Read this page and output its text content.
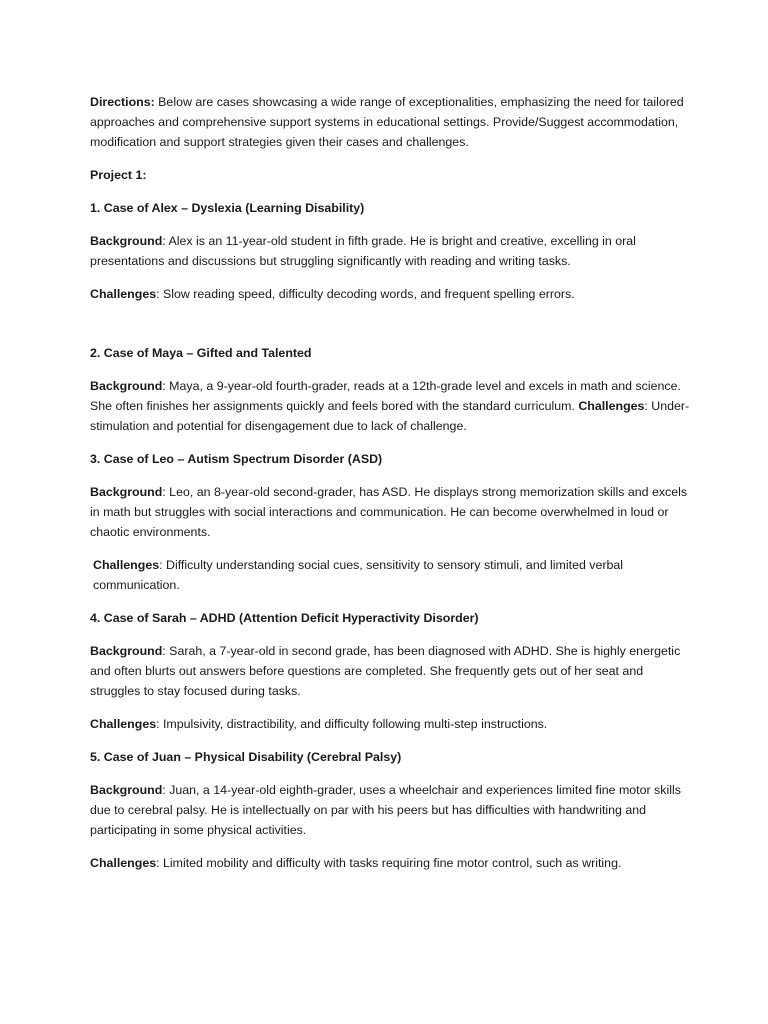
Directions: Below are cases showcasing a wide range of exceptionalities, emphasizing the need for tailored approaches and comprehensive support systems in educational settings. Provide/Suggest accommodation, modification and support strategies given their cases and challenges.

Project 1:

1. Case of Alex – Dyslexia (Learning Disability)

Background: Alex is an 11-year-old student in fifth grade. He is bright and creative, excelling in oral presentations and discussions but struggling significantly with reading and writing tasks.

Challenges: Slow reading speed, difficulty decoding words, and frequent spelling errors.

2. Case of Maya – Gifted and Talented

Background: Maya, a 9-year-old fourth-grader, reads at a 12th-grade level and excels in math and science. She often finishes her assignments quickly and feels bored with the standard curriculum. Challenges: Under-stimulation and potential for disengagement due to lack of challenge.

3. Case of Leo – Autism Spectrum Disorder (ASD)

Background: Leo, an 8-year-old second-grader, has ASD. He displays strong memorization skills and excels in math but struggles with social interactions and communication. He can become overwhelmed in loud or chaotic environments.

Challenges: Difficulty understanding social cues, sensitivity to sensory stimuli, and limited verbal communication.

4. Case of Sarah – ADHD (Attention Deficit Hyperactivity Disorder)

Background: Sarah, a 7-year-old in second grade, has been diagnosed with ADHD. She is highly energetic and often blurts out answers before questions are completed. She frequently gets out of her seat and struggles to stay focused during tasks.

Challenges: Impulsivity, distractibility, and difficulty following multi-step instructions.

5. Case of Juan – Physical Disability (Cerebral Palsy)

Background: Juan, a 14-year-old eighth-grader, uses a wheelchair and experiences limited fine motor skills due to cerebral palsy. He is intellectually on par with his peers but has difficulties with handwriting and participating in some physical activities.

Challenges: Limited mobility and difficulty with tasks requiring fine motor control, such as writing.
